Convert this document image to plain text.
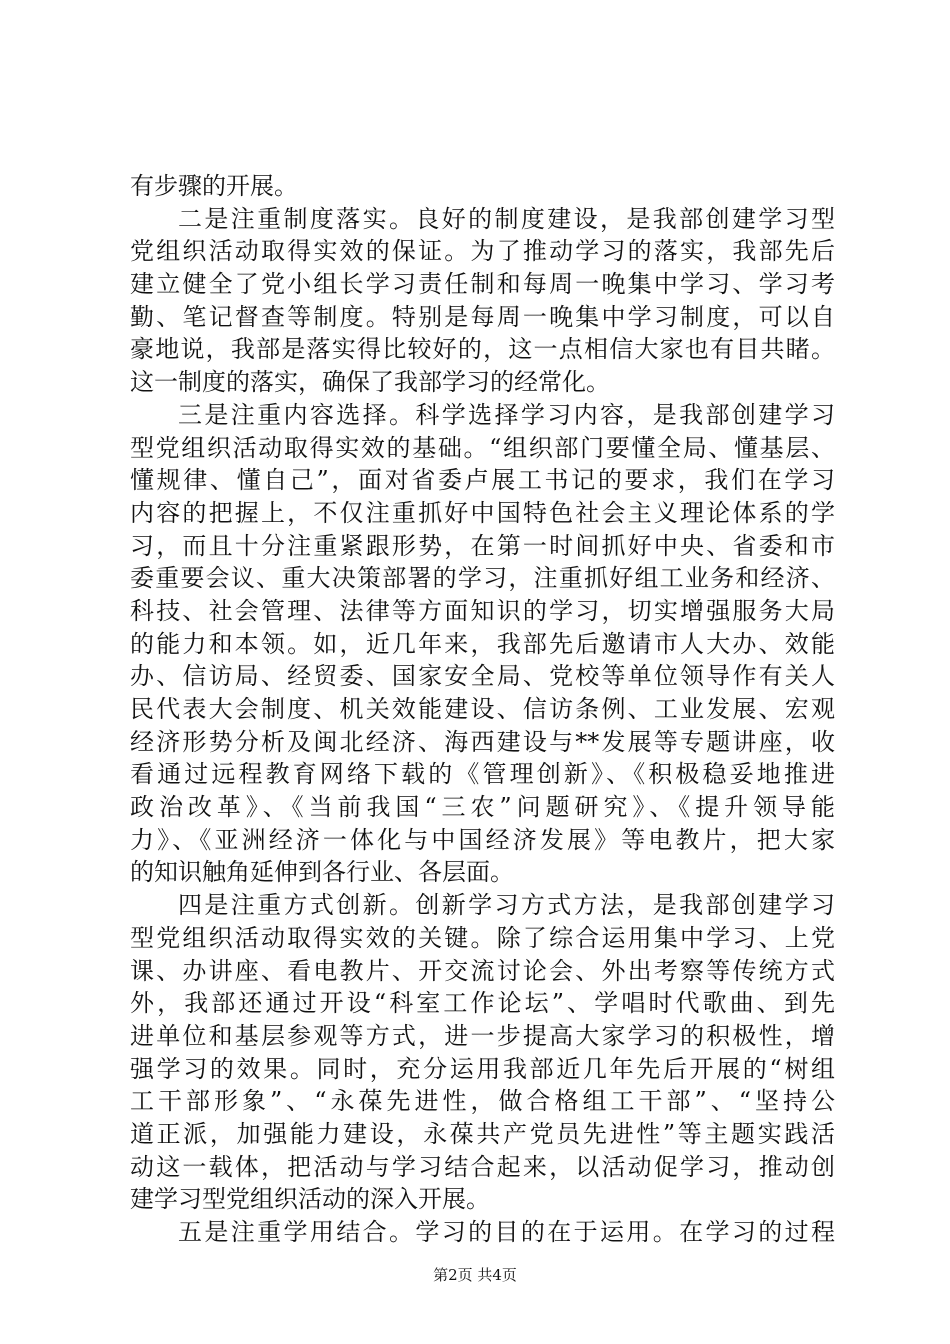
有步骤的开展。
二是注重制度落实。良好的制度建设，是我部创建学习型
党组织活动取得实效的保证。为了推动学习的落实，我部先后
建立健全了党小组长学习责任制和每周一晚集中学习、学习考
勤、笔记督查等制度。特别是每周一晚集中学习制度，可以自
豪地说，我部是落实得比较好的，这一点相信大家也有目共睹。
这一制度的落实，确保了我部学习的经常化。
三是注重内容选择。科学选择学习内容，是我部创建学习
型党组织活动取得实效的基础。“组织部门要懂全局、懂基层、
懂规律、懂自己”，面对省委卢展工书记的要求，我们在学习
内容的把握上，不仅注重抓好中国特色社会主义理论体系的学
习，而且十分注重紧跟形势，在第一时间抓好中央、省委和市
委重要会议、重大决策部署的学习，注重抓好组工业务和经济、
科技、社会管理、法律等方面知识的学习，切实增强服务大局
的能力和本领。如，近几年来，我部先后邀请市人大办、效能
办、信访局、经贸委、国家安全局、党校等单位领导作有关人
民代表大会制度、机关效能建设、信访条例、工业发展、宏观
经济形势分析及闽北经济、海西建设与**发展等专题讲座，收
看通过远程教育网络下载的《管理创新》、《积极稳妥地推进
政治改革》、《当前我国“三农”问题研究》、《提升领导能
力》、《亚洲经济一体化与中国经济发展》等电教片，把大家
的知识触角延伸到各行业、各层面。
四是注重方式创新。创新学习方式方法，是我部创建学习
型党组织活动取得实效的关键。除了综合运用集中学习、上党
课、办讲座、看电教片、开交流讨论会、外出考察等传统方式
外，我部还通过开设“科室工作论坛”、学唱时代歌曲、到先
进单位和基层参观等方式，进一步提高大家学习的积极性，增
强学习的效果。同时，充分运用我部近几年先后开展的“树组
工干部形象”、“永葆先进性，做合格组工干部”、“坚持公
道正派，加强能力建设，永葆共产党员先进性”等主题实践活
动这一载体，把活动与学习结合起来，以活动促学习，推动创
建学习型党组织活动的深入开展。
五是注重学用结合。学习的目的在于运用。在学习的过程
第2页 共4页
